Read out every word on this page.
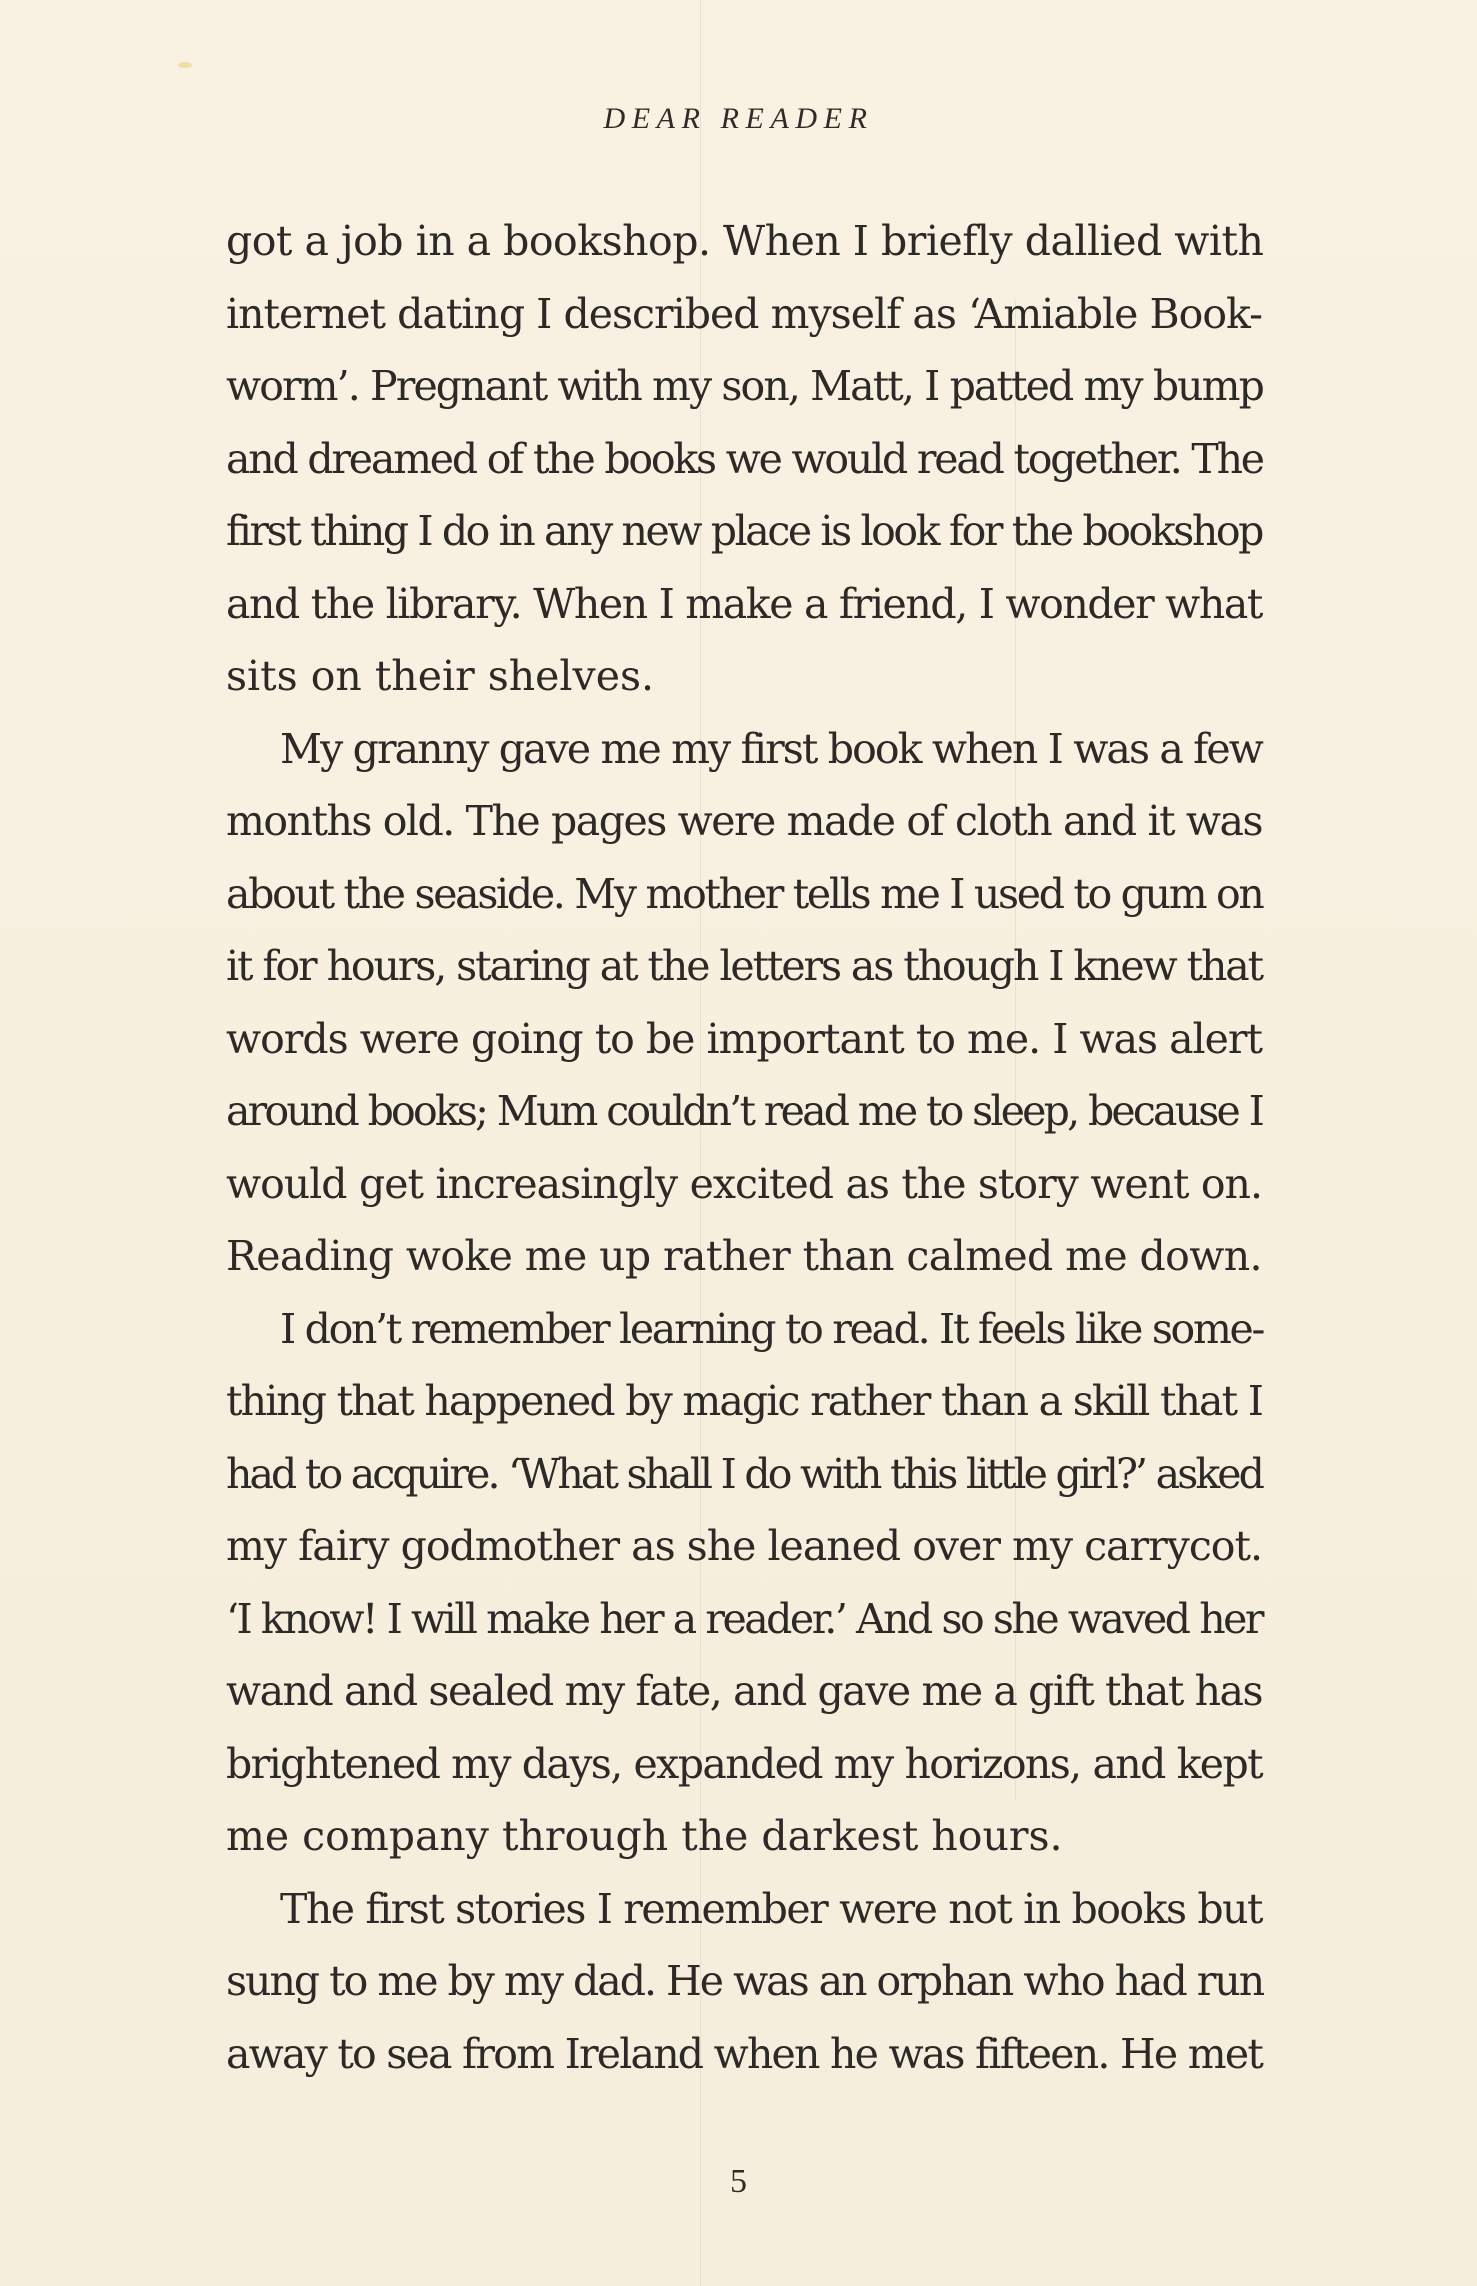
DEAR READER
got a job in a bookshop. When I briefly dallied with
internet dating I described myself as ‘Amiable Book-
worm’. Pregnant with my son, Matt, I patted my bump
and dreamed of the books we would read together. The
first thing I do in any new place is look for the bookshop
and the library. When I make a friend, I wonder what
sits on their shelves.
My granny gave me my first book when I was a few
months old. The pages were made of cloth and it was
about the seaside. My mother tells me I used to gum on
it for hours, staring at the letters as though I knew that
words were going to be important to me. I was alert
around books; Mum couldn’t read me to sleep, because I
would get increasingly excited as the story went on.
Reading woke me up rather than calmed me down.
I don’t remember learning to read. It feels like some-
thing that happened by magic rather than a skill that I
had to acquire. ‘What shall I do with this little girl?’ asked
my fairy godmother as she leaned over my carrycot.
‘I know! I will make her a reader.’ And so she waved her
wand and sealed my fate, and gave me a gift that has
brightened my days, expanded my horizons, and kept
me company through the darkest hours.
The first stories I remember were not in books but
sung to me by my dad. He was an orphan who had run
away to sea from Ireland when he was fifteen. He met
5
